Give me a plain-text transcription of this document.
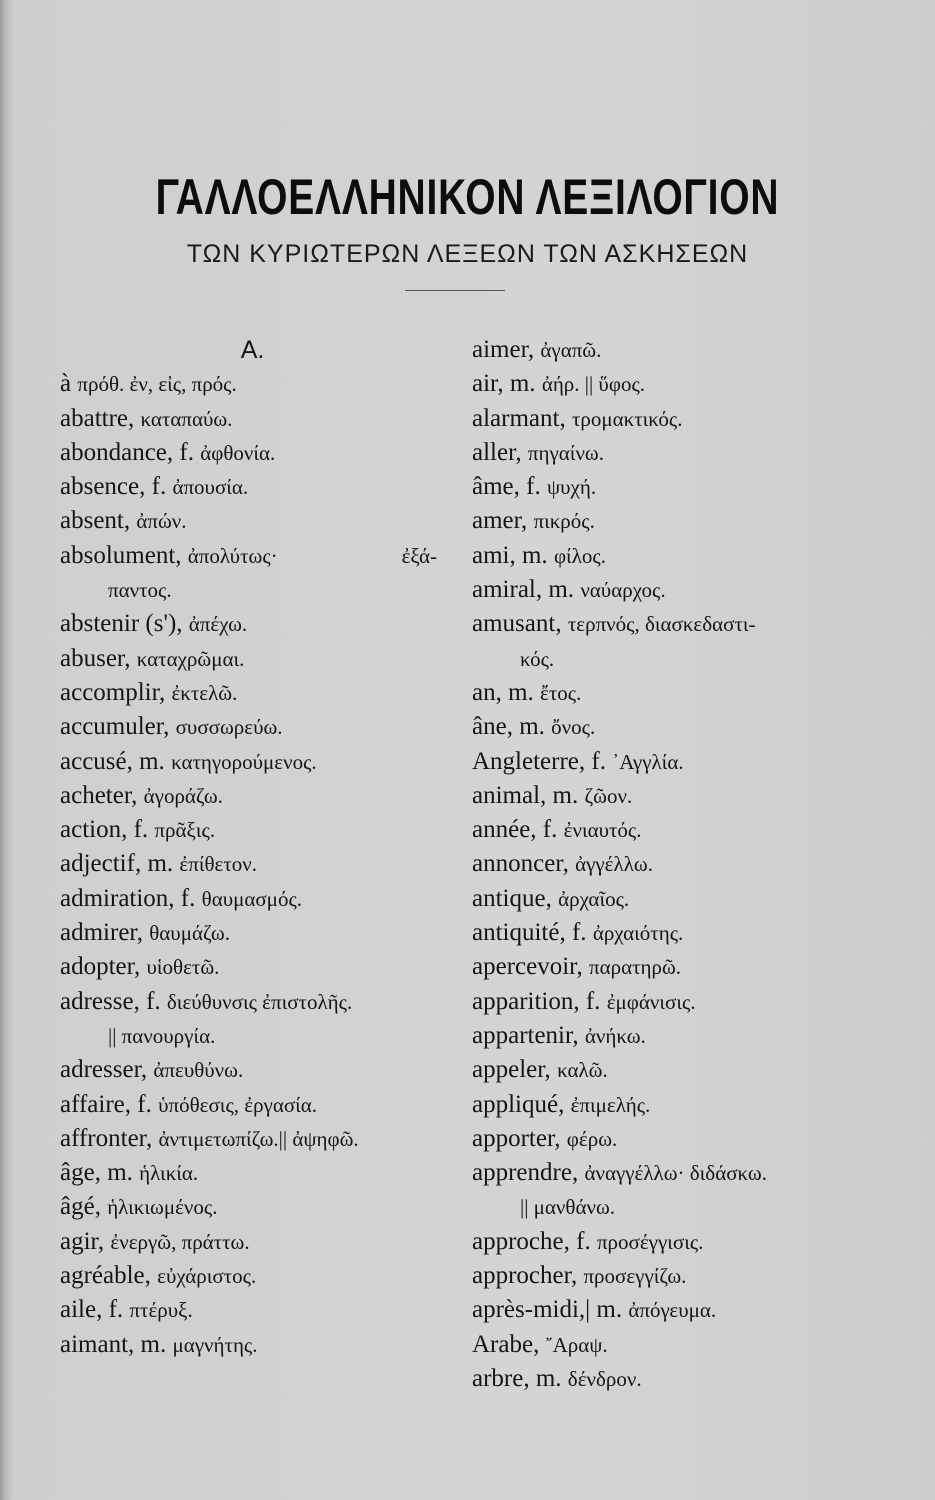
ΓΑΛΛΟΕΛΛΗΝΙΚΟΝ ΛΕΞΙΛΟΓΙΟΝ
ΤΩΝ ΚΥΡΙΩΤΕΡΩΝ ΛΕΞΕΩΝ ΤΩΝ ΑΣΚΗΣΕΩΝ
A.
à πρόθ. ἐν, εἰς, πρός.
abattre, καταπαύω.
abondance, f. ἀφθονία.
absence, f. ἀπουσία.
absent, ἀπών.
absolument, ἀπολύτως·	ἐξά-
παντος.
abstenir (s'), ἀπέχω.
abuser, καταχρῶμαι.
accomplir, ἐκτελῶ.
accumuler, συσσωρεύω.
accusé, m. κατηγορούμενος.
acheter, ἀγοράζω.
action, f. πρᾶξις.
adjectif, m. ἐπίθετον.
admiration, f. θαυμασμός.
admirer, θαυμάζω.
adopter, υἱοθετῶ.
adresse, f. διεύθυνσις ἐπιστολῆς.
|| πανουργία.
adresser, ἀπευθύνω.
affaire, f. ὑπόθεσις, ἐργασία.
affronter, ἀντιμετωπίζω.|| ἀψηφῶ.
âge, m. ἡλικία.
âgé, ἡλικιωμένος.
agir, ἐνεργῶ, πράττω.
agréable, εὐχάριστος.
aile, f. πτέρυξ.
aimant, m. μαγνήτης.
aimer, ἀγαπῶ.
air, m. ἀήρ. || ὕφος.
alarmant, τρομακτικός.
aller, πηγαίνω.
âme, f. ψυχή.
amer, πικρός.
ami, m. φίλος.
amiral, m. ναύαρχος.
amusant, τερπνός, διασκεδαστι-
κός.
an, m. ἔτος.
âne, m. ὄνος.
Angleterre, f. ᾿Αγγλία.
animal, m. ζῶον.
année, f. ἐνιαυτός.
annoncer, ἀγγέλλω.
antique, ἀρχαῖος.
antiquité, f. ἀρχαιότης.
apercevoir, παρατηρῶ.
apparition, f. ἐμφάνισις.
appartenir, ἀνήκω.
appeler, καλῶ.
appliqué, ἐπιμελής.
apporter, φέρω.
apprendre, ἀναγγέλλω· διδάσκω.
|| μανθάνω.
approche, f. προσέγγισις.
approcher, προσεγγίζω.
après-midi,| m. ἀπόγευμα.
Arabe, ῎Αραψ.
arbre, m. δένδρον.
